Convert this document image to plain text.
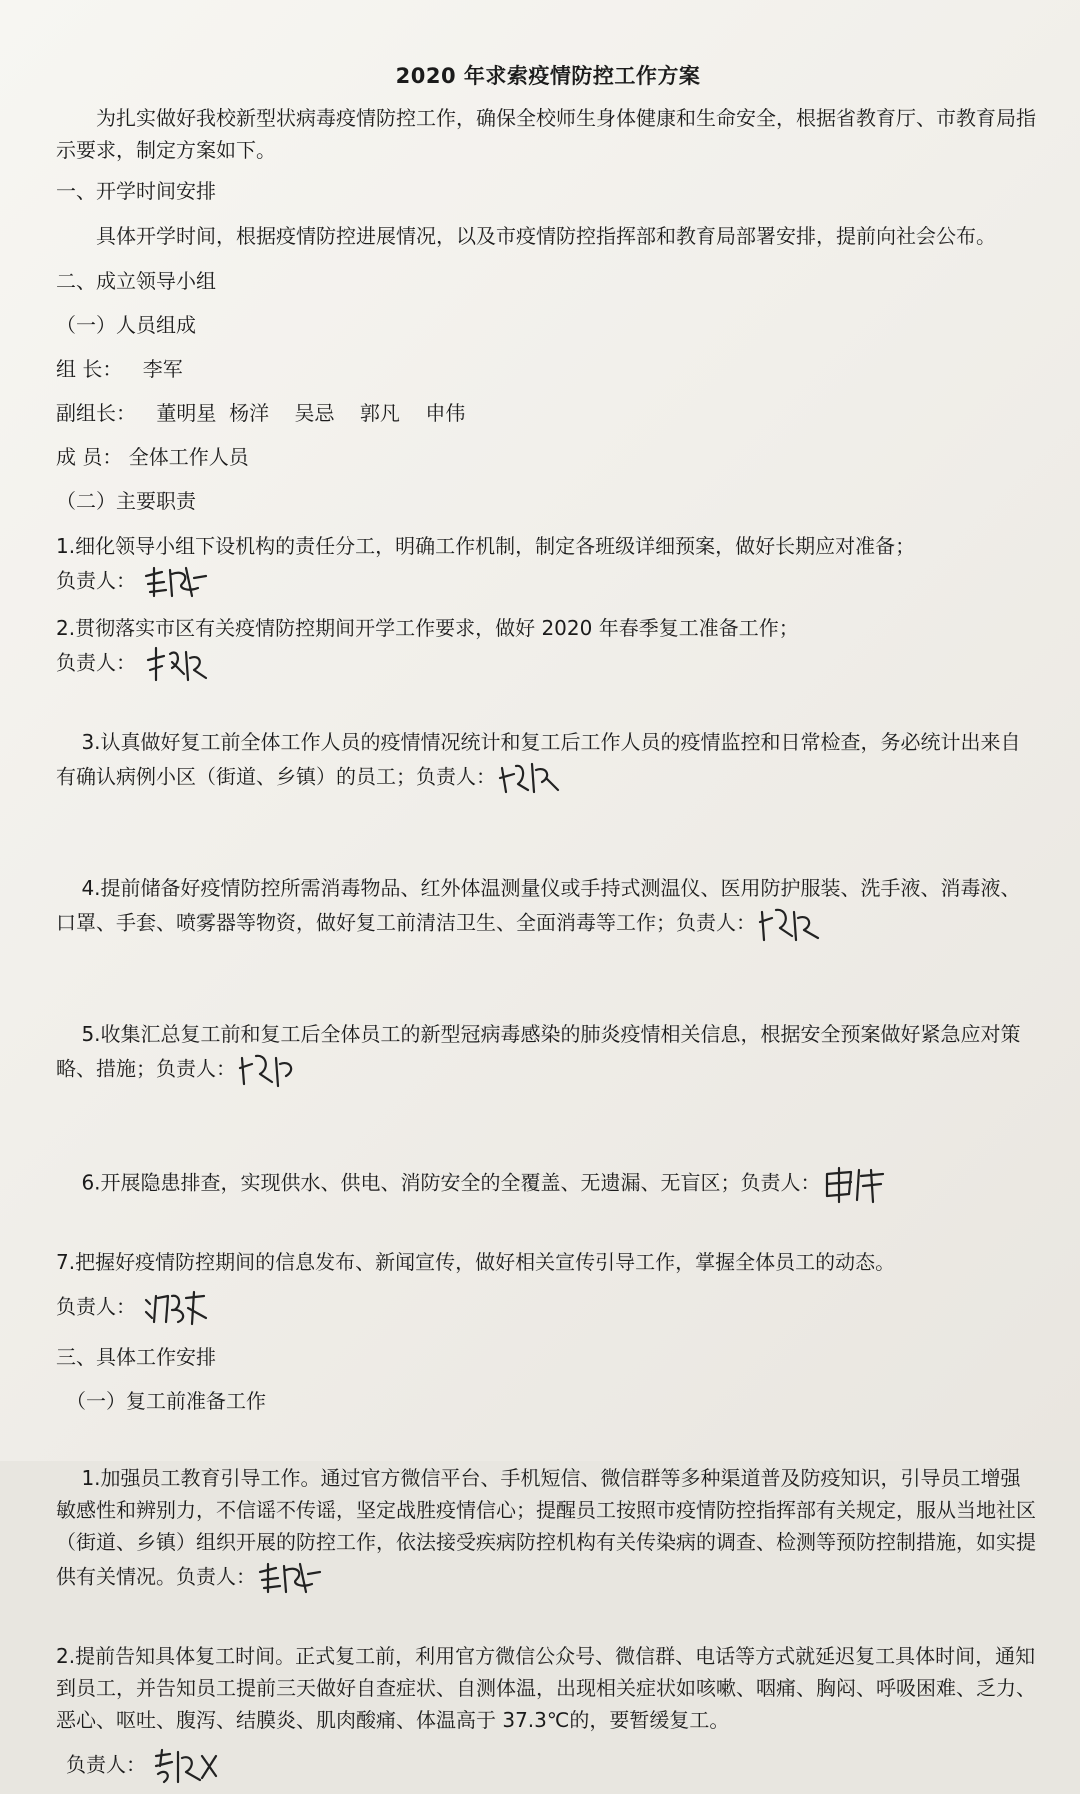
2020 年求索疫情防控工作方案

为扎实做好我校新型状病毒疫情防控工作，确保全校师生身体健康和生命安全，根据省教育厅、市教育局指示要求，制定方案如下。

一、开学时间安排

具体开学时间，根据疫情防控进展情况，以及市疫情防控指挥部和教育局部署安排，提前向社会公布。

二、成立领导小组

（一）人员组成

组 长： 李军

副组长： 董明星  杨洋    吴忌    郭凡    申伟

成 员： 全体工作人员

（二）主要职责

1.细化领导小组下设机构的责任分工，明确工作机制，制定各班级详细预案，做好长期应对准备；

负责人：

2.贯彻落实市区有关疫情防控期间开学工作要求，做好 2020 年春季复工准备工作；

负责人：

3.认真做好复工前全体工作人员的疫情情况统计和复工后工作人员的疫情监控和日常检查，务必统计出来自有确认病例小区（街道、乡镇）的员工；负责人：

4.提前储备好疫情防控所需消毒物品、红外体温测量仪或手持式测温仪、医用防护服装、洗手液、消毒液、口罩、手套、喷雾器等物资，做好复工前清洁卫生、全面消毒等工作；负责人：

5.收集汇总复工前和复工后全体员工的新型冠病毒感染的肺炎疫情相关信息，根据安全预案做好紧急应对策略、措施；负责人：

6.开展隐患排查，实现供水、供电、消防安全的全覆盖、无遗漏、无盲区；负责人：

7.把握好疫情防控期间的信息发布、新闻宣传，做好相关宣传引导工作，掌握全体员工的动态。

负责人：

三、具体工作安排

（一）复工前准备工作

1.加强员工教育引导工作。通过官方微信平台、手机短信、微信群等多种渠道普及防疫知识，引导员工增强敏感性和辨别力，不信谣不传谣，坚定战胜疫情信心；提醒员工按照市疫情防控指挥部有关规定，服从当地社区（街道、乡镇）组织开展的防控工作，依法接受疾病防控机构有关传染病的调查、检测等预防控制措施，如实提供有关情况。负责人：

2.提前告知具体复工时间。正式复工前，利用官方微信公众号、微信群、电话等方式就延迟复工具体时间，通知到员工，并告知员工提前三天做好自查症状、自测体温，出现相关症状如咳嗽、咽痛、胸闷、呼吸困难、乏力、恶心、呕吐、腹泻、结膜炎、肌肉酸痛、体温高于 37.3℃的，要暂缓复工。

负责人：
